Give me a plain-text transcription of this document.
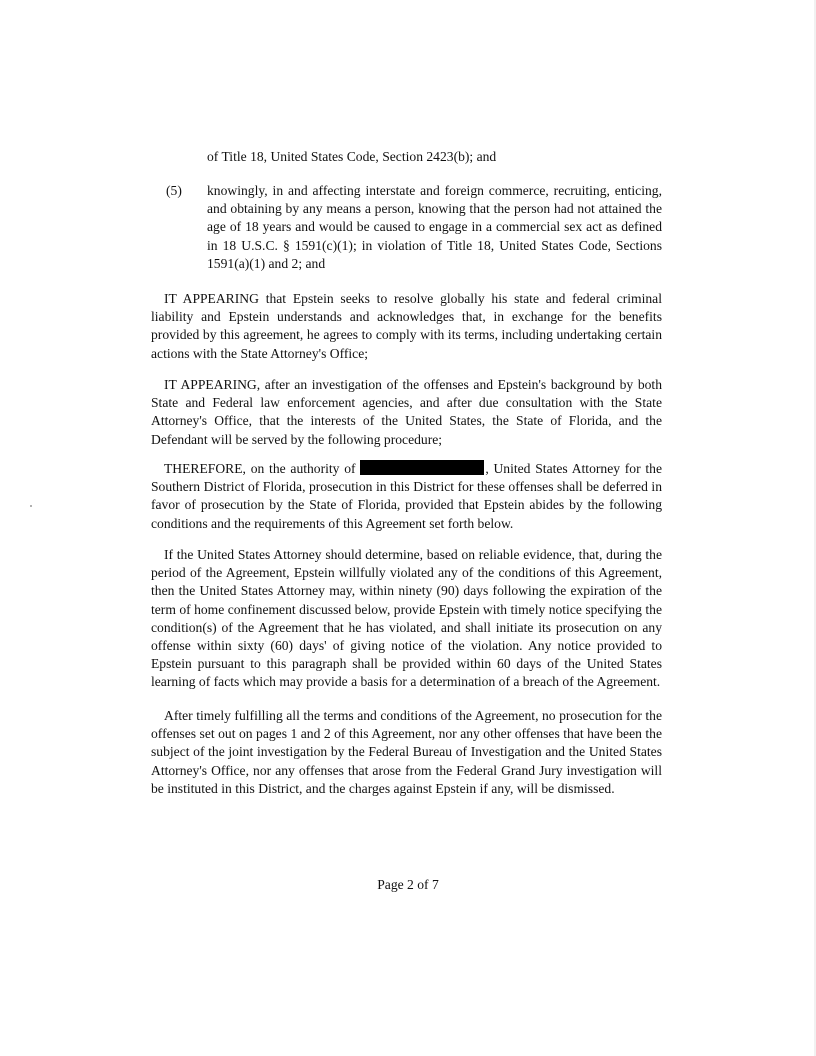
of Title 18, United States Code, Section 2423(b); and
(5) knowingly, in and affecting interstate and foreign commerce, recruiting, enticing, and obtaining by any means a person, knowing that the person had not attained the age of 18 years and would be caused to engage in a commercial sex act as defined in 18 U.S.C. § 1591(c)(1); in violation of Title 18, United States Code, Sections 1591(a)(1) and 2; and
IT APPEARING that Epstein seeks to resolve globally his state and federal criminal liability and Epstein understands and acknowledges that, in exchange for the benefits provided by this agreement, he agrees to comply with its terms, including undertaking certain actions with the State Attorney's Office;
IT APPEARING, after an investigation of the offenses and Epstein's background by both State and Federal law enforcement agencies, and after due consultation with the State Attorney's Office, that the interests of the United States, the State of Florida, and the Defendant will be served by the following procedure;
THEREFORE, on the authority of	, United States Attorney for the Southern District of Florida, prosecution in this District for these offenses shall be deferred in favor of prosecution by the State of Florida, provided that Epstein abides by the following conditions and the requirements of this Agreement set forth below.
If the United States Attorney should determine, based on reliable evidence, that, during the period of the Agreement, Epstein willfully violated any of the conditions of this Agreement, then the United States Attorney may, within ninety (90) days following the expiration of the term of home confinement discussed below, provide Epstein with timely notice specifying the condition(s) of the Agreement that he has violated, and shall initiate its prosecution on any offense within sixty (60) days' of giving notice of the violation. Any notice provided to Epstein pursuant to this paragraph shall be provided within 60 days of the United States learning of facts which may provide a basis for a determination of a breach of the Agreement.
After timely fulfilling all the terms and conditions of the Agreement, no prosecution for the offenses set out on pages 1 and 2 of this Agreement, nor any other offenses that have been the subject of the joint investigation by the Federal Bureau of Investigation and the United States Attorney's Office, nor any offenses that arose from the Federal Grand Jury investigation will be instituted in this District, and the charges against Epstein if any, will be dismissed.
Page 2 of 7
